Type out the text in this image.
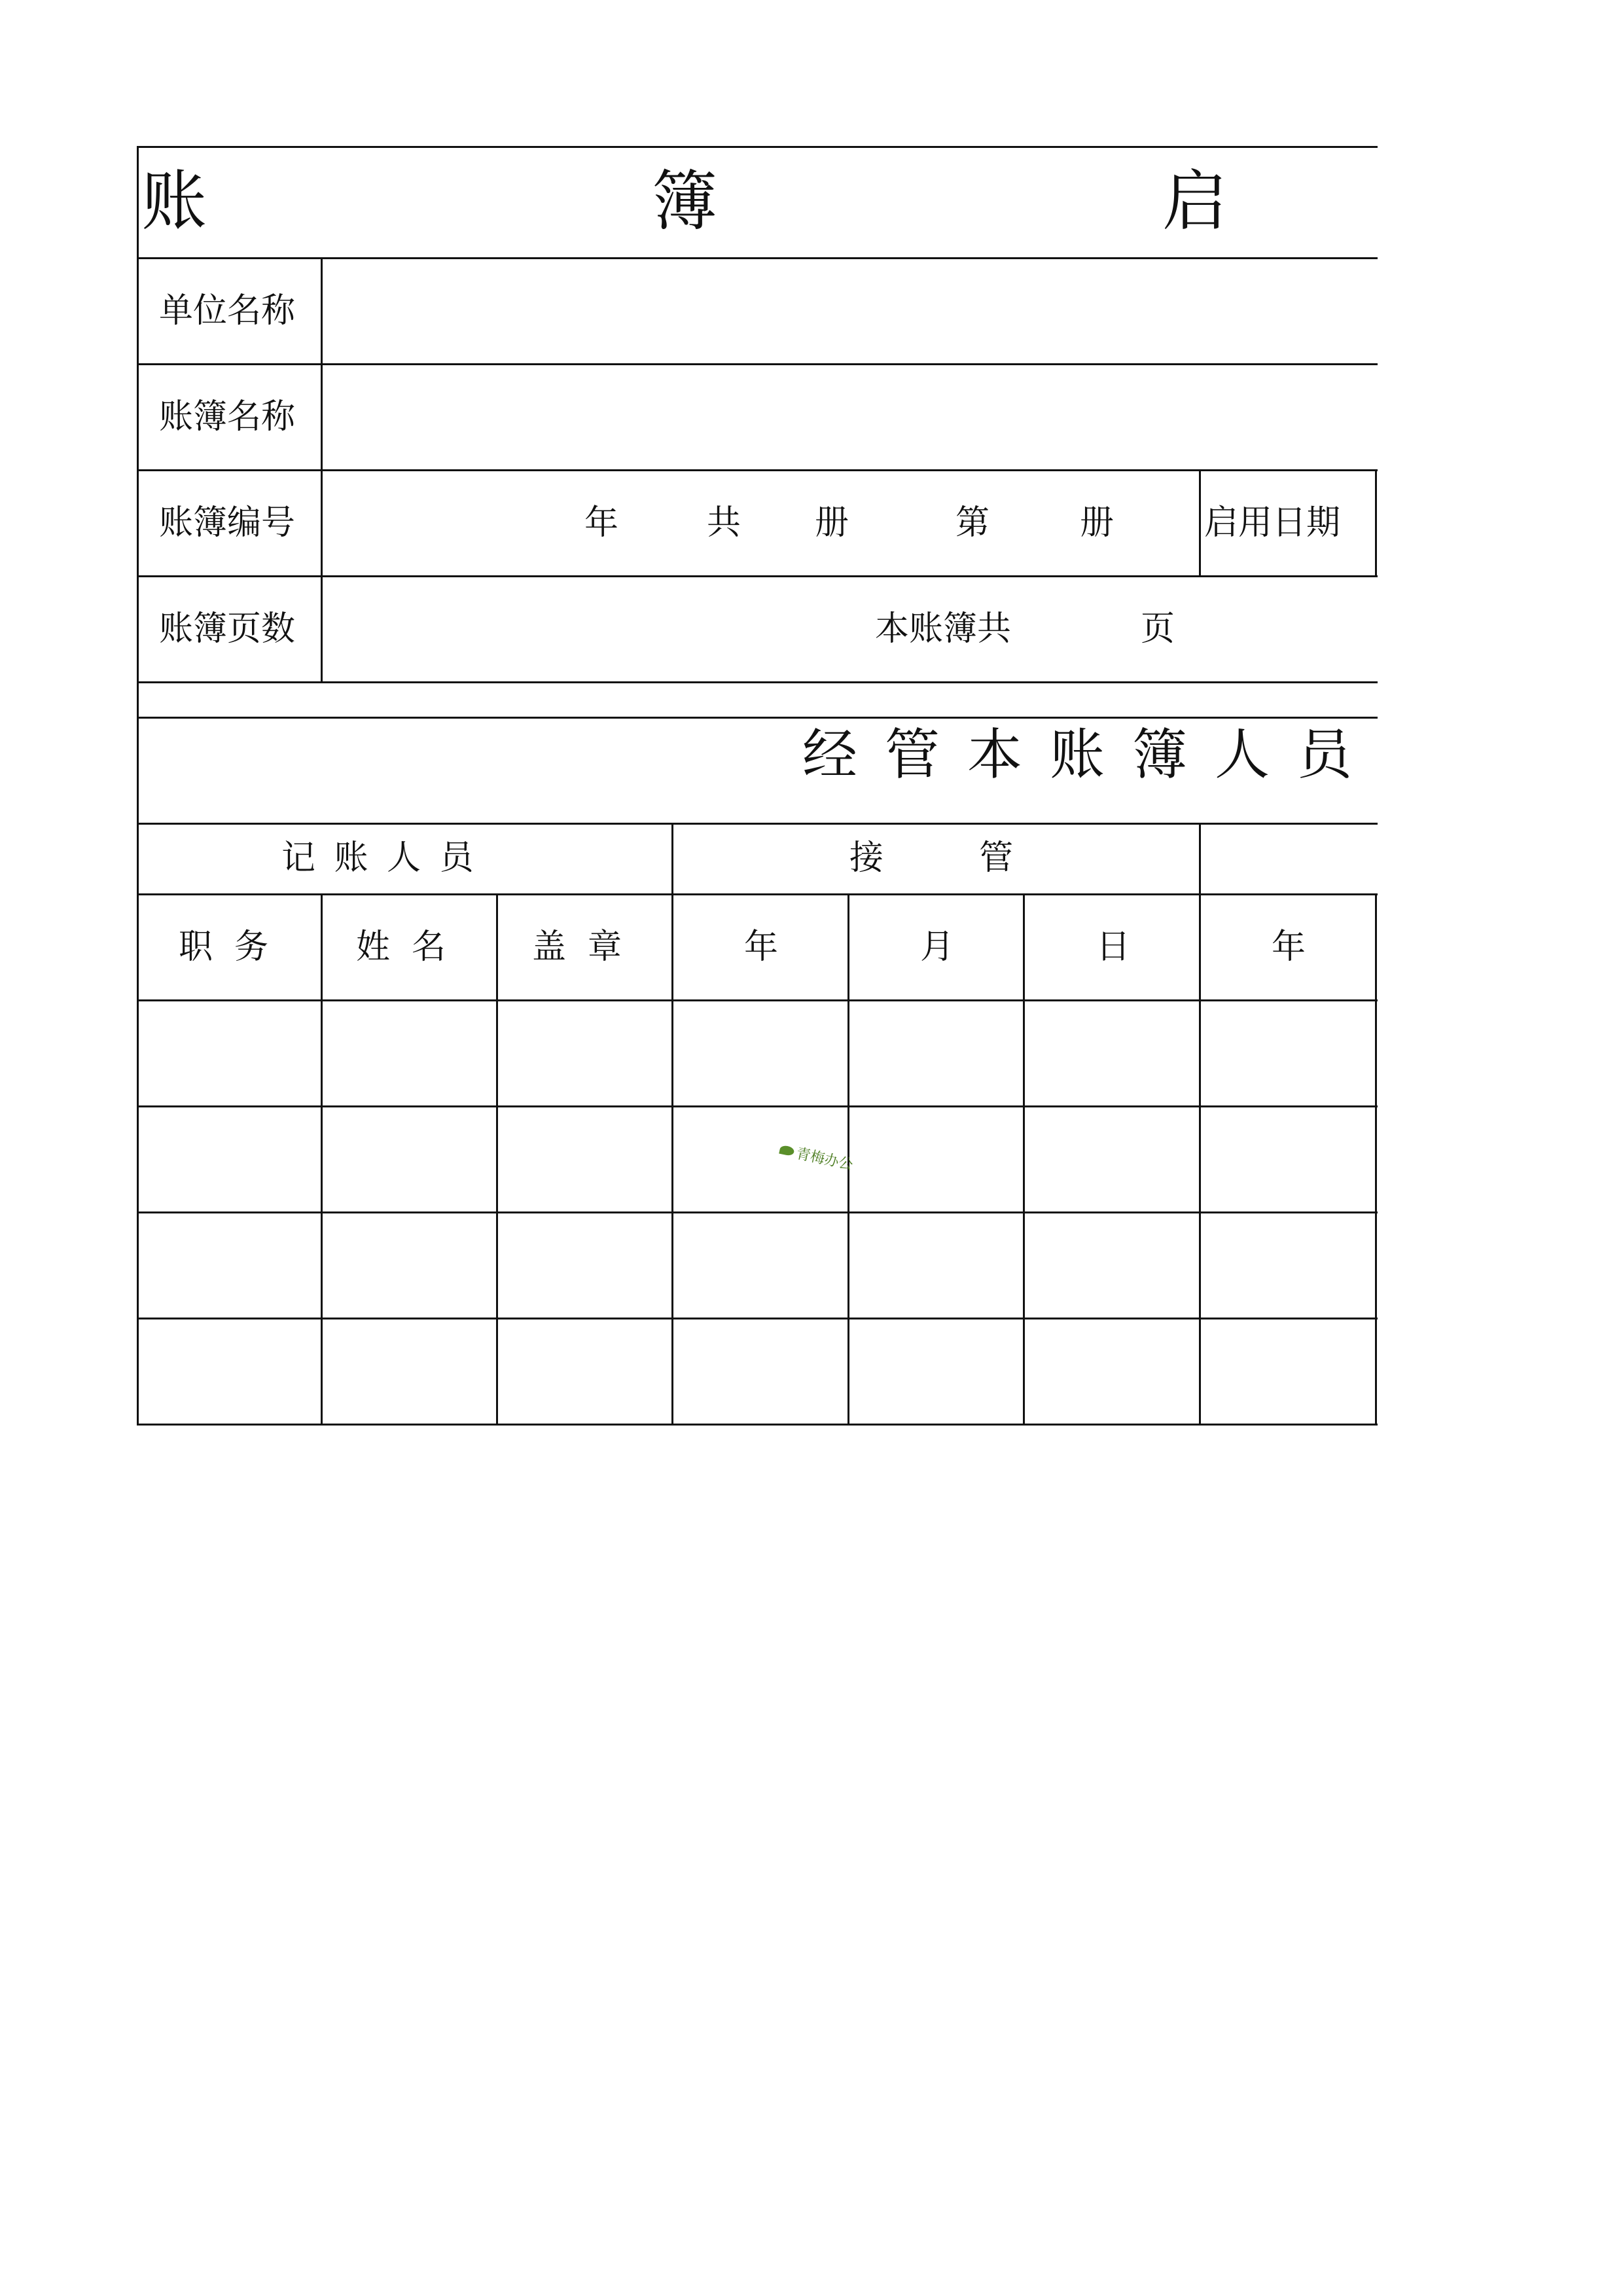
账	簿	启
单位名称
账簿名称
账簿编号	年	共 册	第	册	启用日期
账簿页数	本账簿共	页
经管本账簿人员
记 账 人 员	接    管
职  务	姓  名	盖  章	年	月	日	年
青梅办公
